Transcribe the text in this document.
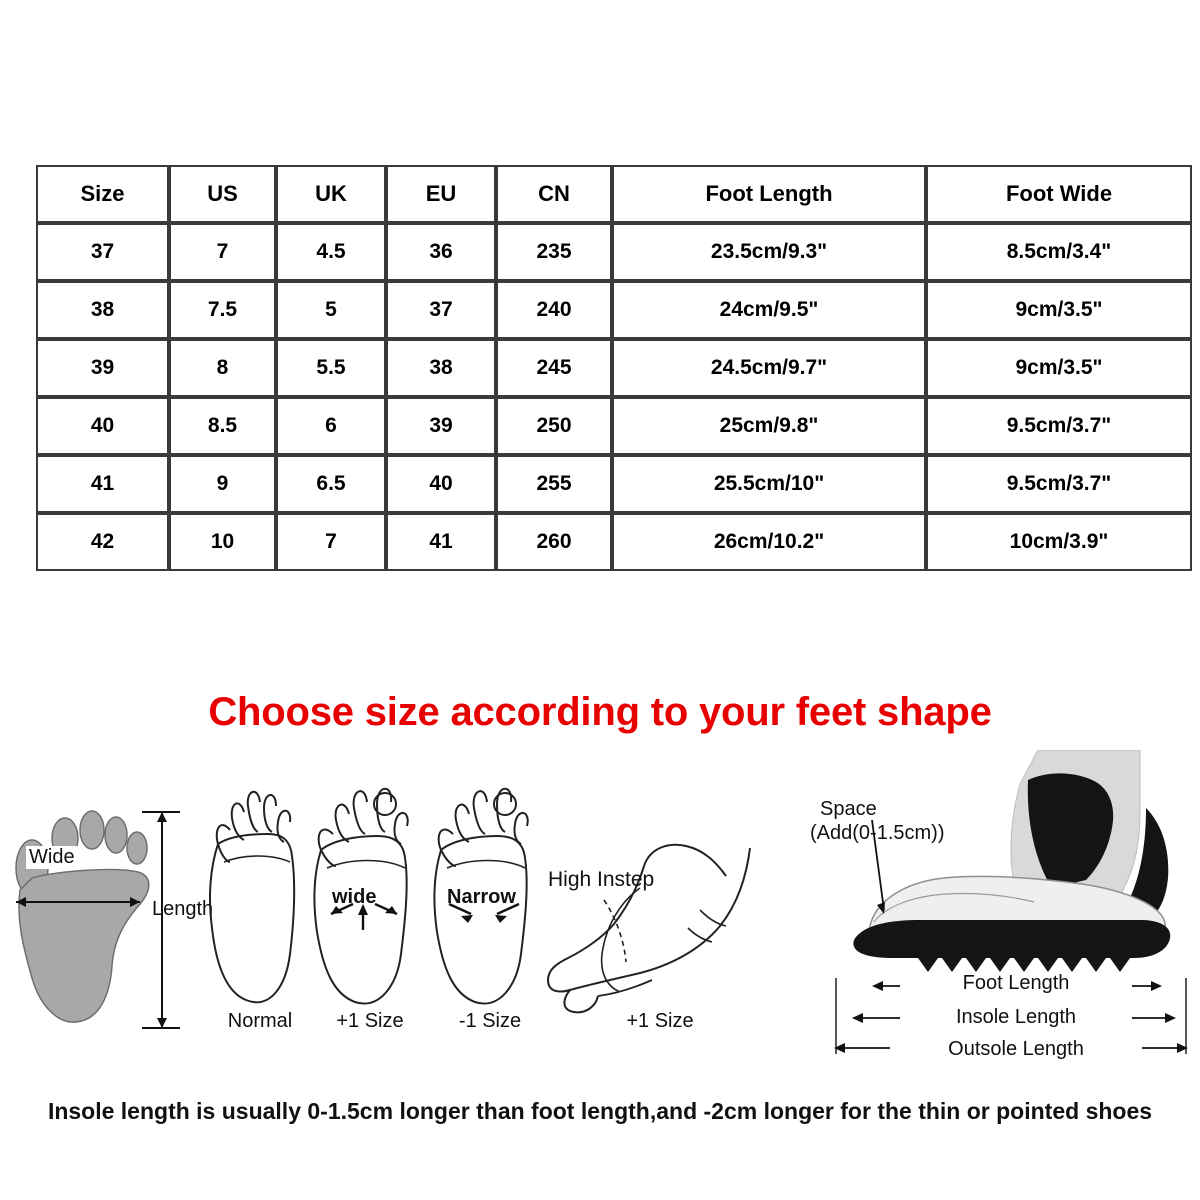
Size	US	UK	EU	CN	Foot Length	Foot Wide
37	7	4.5	36	235	23.5cm/9.3"	8.5cm/3.4"
38	7.5	5	37	240	24cm/9.5"	9cm/3.5"
39	8	5.5	38	245	24.5cm/9.7"	9cm/3.5"
40	8.5	6	39	250	25cm/9.8"	9.5cm/3.7"
41	9	6.5	40	255	25.5cm/10"	9.5cm/3.7"
42	10	7	41	260	26cm/10.2"	10cm/3.9"
Choose size according to your feet shape
Wide
Length
Normal
wide
+1 Size
Narrow
-1 Size
High Instep
+1 Size
Space
(Add(0-1.5cm))
Foot Length
Insole Length
Outsole Length
Insole length is usually 0-1.5cm longer than foot length,and -2cm longer for the thin or pointed shoes
